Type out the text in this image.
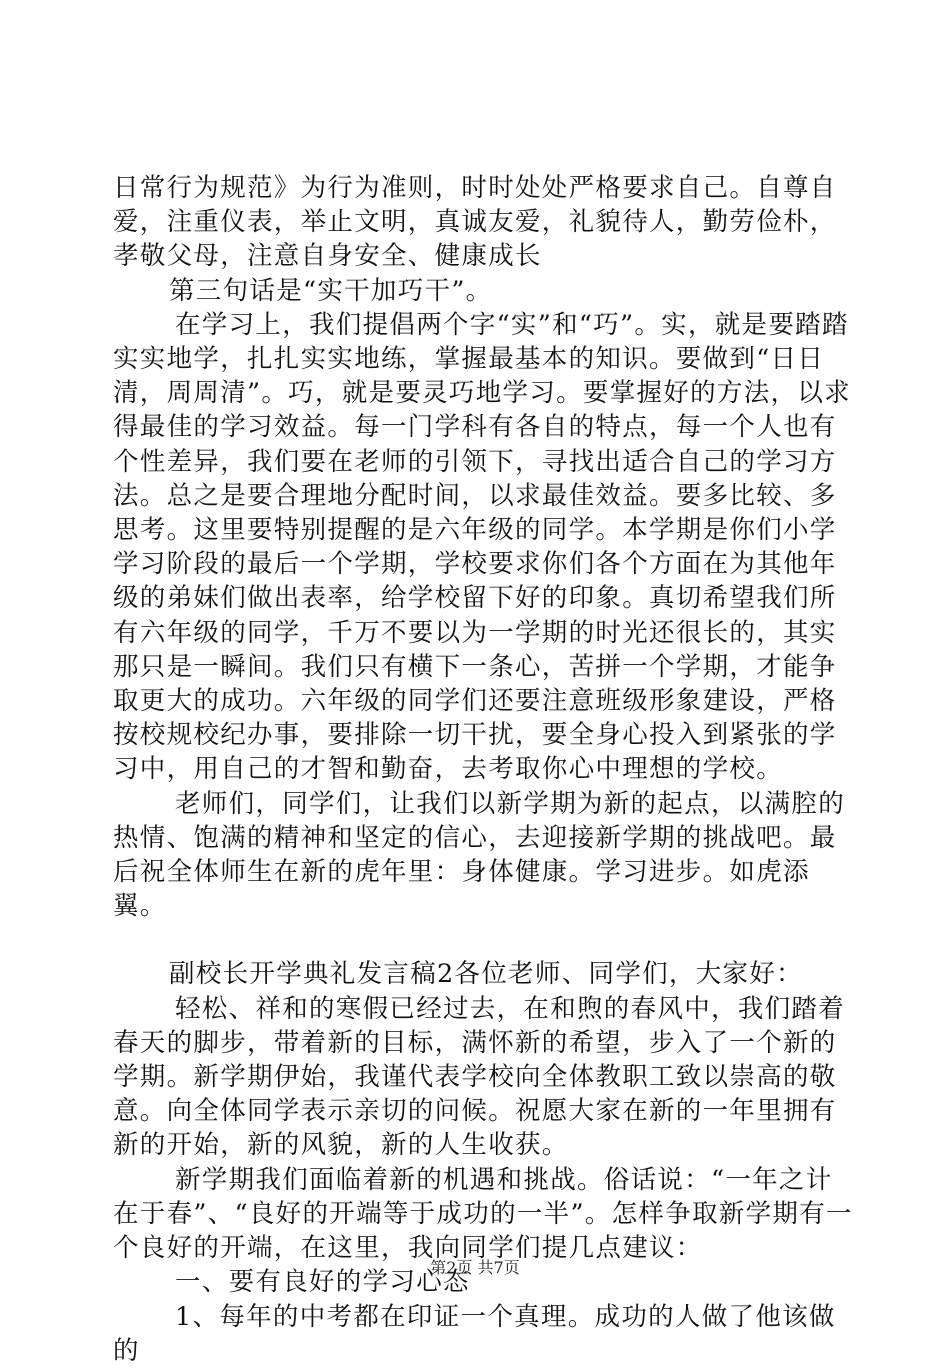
日常行为规范》为行为准则，时时处处严格要求自己。自尊自爱，注重仪表，举止文明，真诚友爱，礼貌待人，勤劳俭朴，孝敬父母，注意自身安全、健康成长

第三句话是“实干加巧干”。

在学习上，我们提倡两个字“实”和“巧”。实，就是要踏踏实实地学，扎扎实实地练，掌握最基本的知识。要做到“日日清，周周清”。巧，就是要灵巧地学习。要掌握好的方法，以求得最佳的学习效益。每一门学科有各自的特点，每一个人也有个性差异，我们要在老师的引领下，寻找出适合自己的学习方法。总之是要合理地分配时间，以求最佳效益。要多比较、多思考。这里要特别提醒的是六年级的同学。本学期是你们小学学习阶段的最后一个学期，学校要求你们各个方面在为其他年级的弟妹们做出表率，给学校留下好的印象。真切希望我们所有六年级的同学，千万不要以为一学期的时光还很长的，其实那只是一瞬间。我们只有横下一条心，苦拼一个学期，才能争取更大的成功。六年级的同学们还要注意班级形象建设，严格按校规校纪办事，要排除一切干扰，要全身心投入到紧张的学习中，用自己的才智和勤奋，去考取你心中理想的学校。

老师们，同学们，让我们以新学期为新的起点，以满腔的热情、饱满的精神和坚定的信心，去迎接新学期的挑战吧。最后祝全体师生在新的虎年里：身体健康。学习进步。如虎添翼。

副校长开学典礼发言稿2各位老师、同学们，大家好：

轻松、祥和的寒假已经过去，在和煦的春风中，我们踏着春天的脚步，带着新的目标，满怀新的希望，步入了一个新的学期。新学期伊始，我谨代表学校向全体教职工致以崇高的敬意。向全体同学表示亲切的问候。祝愿大家在新的一年里拥有新的开始，新的风貌，新的人生收获。

新学期我们面临着新的机遇和挑战。俗话说：“一年之计在于春”、“良好的开端等于成功的一半”。怎样争取新学期有一个良好的开端，在这里，我向同学们提几点建议：

一、要有良好的学习心态

1、每年的中考都在印证一个真理。成功的人做了他该做的

第2页 共7页
